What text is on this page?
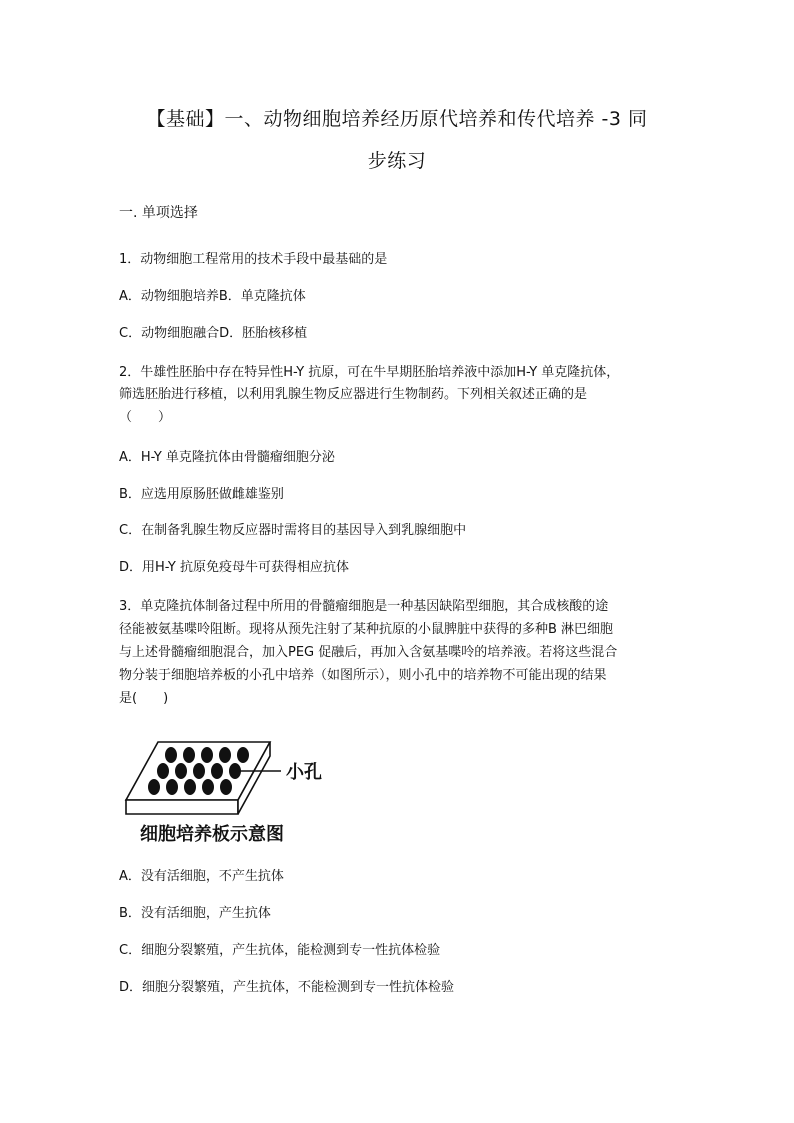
【基础】一、动物细胞培养经历原代培养和传代培养 -3 同
步练习
一. 单项选择
1．动物细胞工程常用的技术手段中最基础的是
A．动物细胞培养B．单克隆抗体
C．动物细胞融合D．胚胎核移植
2．牛雄性胚胎中存在特异性H-Y 抗原，可在牛早期胚胎培养液中添加H-Y 单克隆抗体，
筛选胚胎进行移植，以利用乳腺生物反应器进行生物制药。下列相关叙述正确的是
（　　）
A．H-Y 单克隆抗体由骨髓瘤细胞分泌
B．应选用原肠胚做雌雄鉴别
C．在制备乳腺生物反应器时需将目的基因导入到乳腺细胞中
D．用H-Y 抗原免疫母牛可获得相应抗体
3．单克隆抗体制备过程中所用的骨髓瘤细胞是一种基因缺陷型细胞，其合成核酸的途
径能被氨基喋呤阻断。现将从预先注射了某种抗原的小鼠脾脏中获得的多种B 淋巴细胞
与上述骨髓瘤细胞混合，加入PEG 促融后，再加入含氨基喋呤的培养液。若将这些混合
物分装于细胞培养板的小孔中培养（如图所示），则小孔中的培养物不可能出现的结果
是(　　)
小孔
细胞培养板示意图
A．没有活细胞，不产生抗体
B．没有活细胞，产生抗体
C．细胞分裂繁殖，产生抗体，能检测到专一性抗体检验
D．细胞分裂繁殖，产生抗体，不能检测到专一性抗体检验
